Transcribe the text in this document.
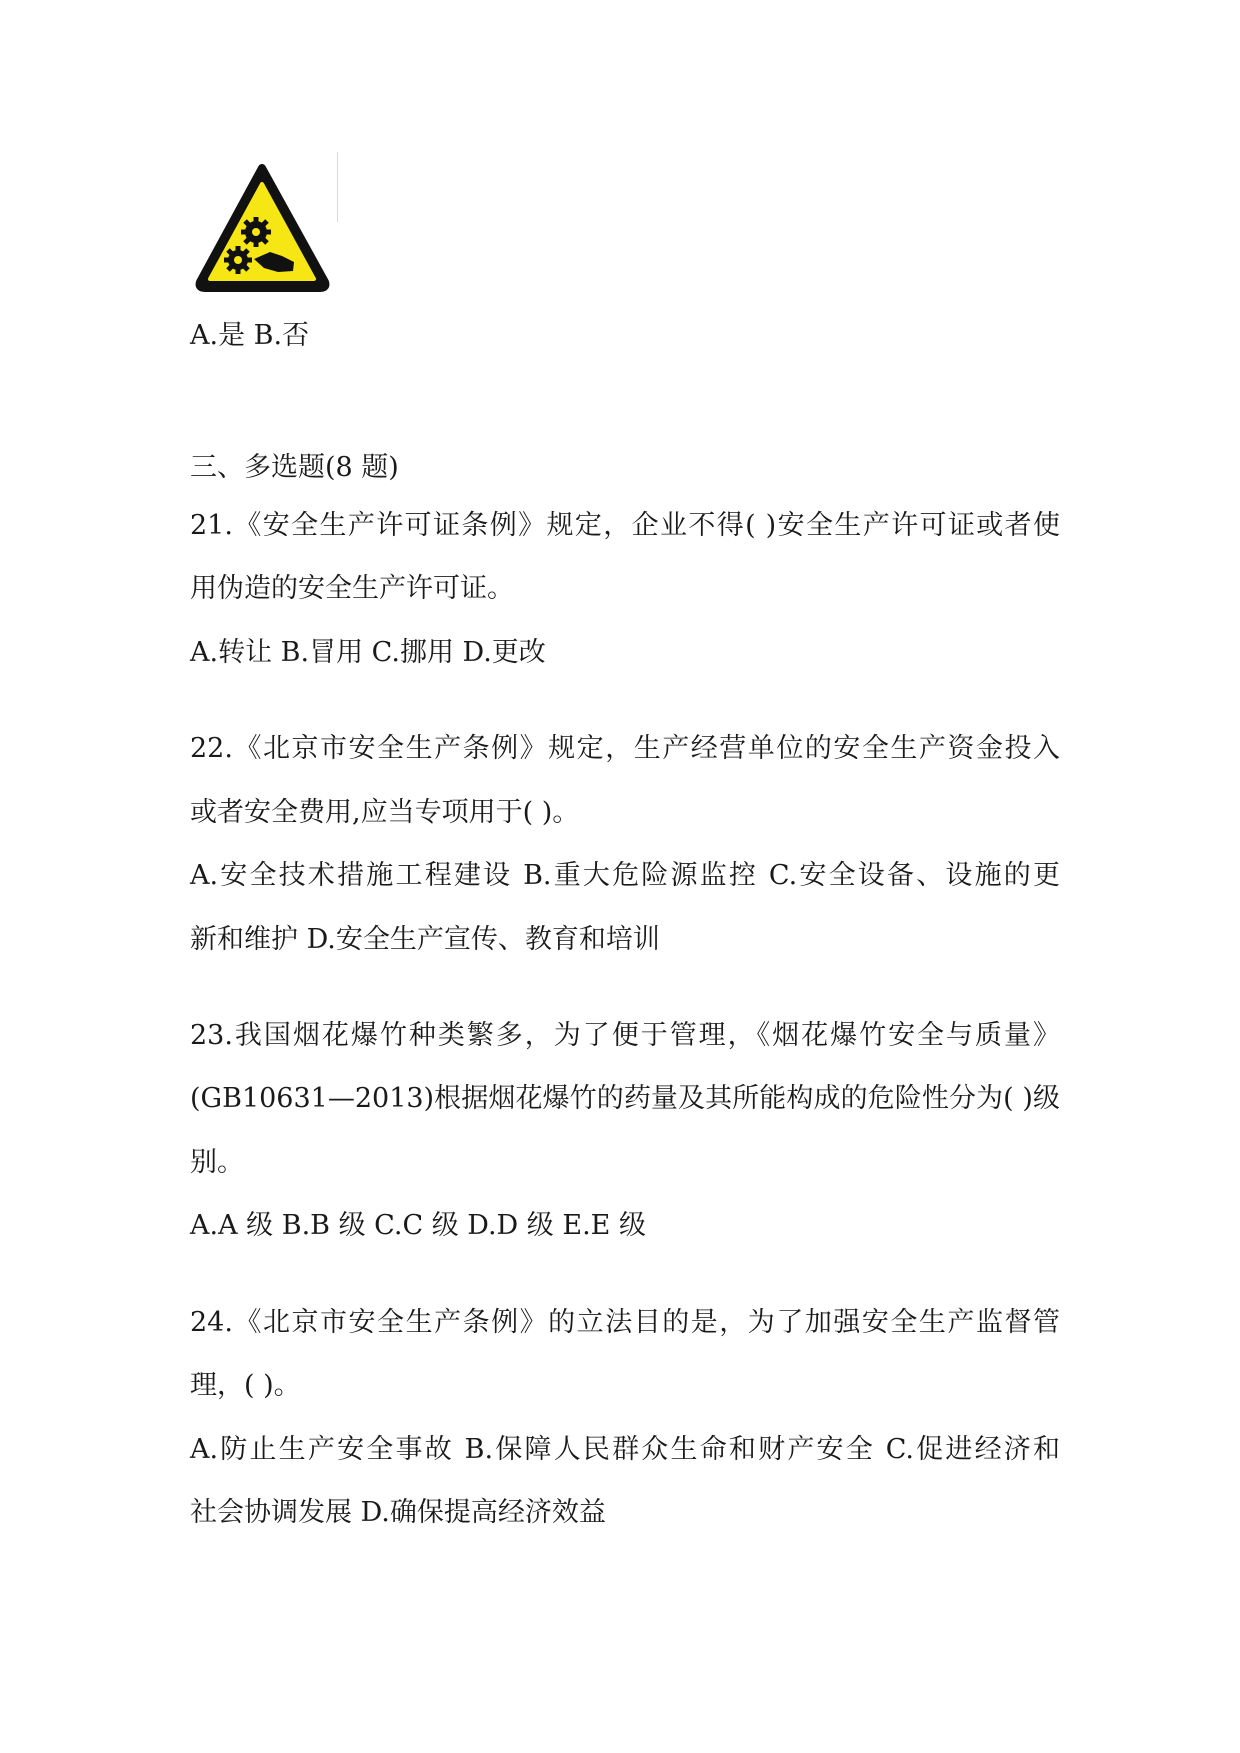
A.是 B.否
三、多选题(8 题)
21.《安全生产许可证条例》规定，企业不得( )安全生产许可证或者使
用伪造的安全生产许可证。
A.转让 B.冒用 C.挪用 D.更改
22.《北京市安全生产条例》规定，生产经营单位的安全生产资金投入
或者安全费用,应当专项用于( )。
A.安全技术措施工程建设 B.重大危险源监控 C.安全设备、设施的更
新和维护 D.安全生产宣传、教育和培训
23.我国烟花爆竹种类繁多，为了便于管理，《烟花爆竹安全与质量》
(GB10631—2013)根据烟花爆竹的药量及其所能构成的危险性分为( )级
别。
A.A 级 B.B 级 C.C 级 D.D 级 E.E 级
24.《北京市安全生产条例》的立法目的是，为了加强安全生产监督管
理，( )。
A.防止生产安全事故 B.保障人民群众生命和财产安全 C.促进经济和
社会协调发展 D.确保提高经济效益
